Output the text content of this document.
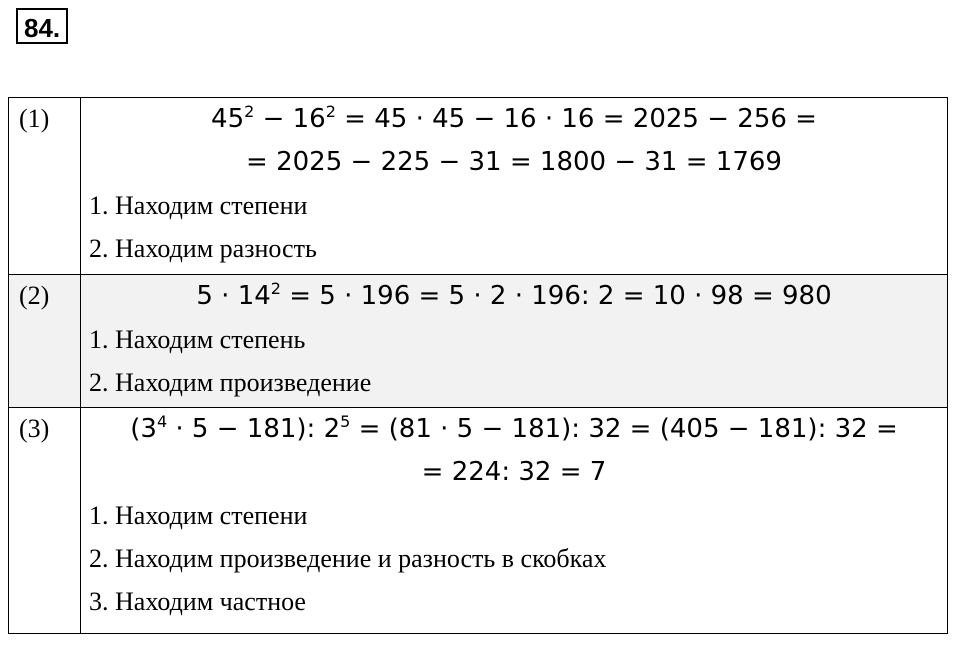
84.
(1)	$45^2 - 16^2 = 45 \cdot 45 - 16 \cdot 16 = 2025 - 256$ =
= 2025 − 225 − 31 = 1800 − 31 = 1769
1. Находим степени
2. Находим разность

(2)	$5 \cdot 14^2 = 5 \cdot 196 = 5 \cdot 2 \cdot 196$: 2 = 10 · 98 = 980
1. Находим степень
2. Находим произведение

(3)	$(3^4 \cdot 5 - 181)$: $2^5 = (81 \cdot 5 - 181)$: 32 = (405 − 181): 32 =
= 224: 32 = 7
1. Находим степени
2. Находим произведение и разность в скобках
3. Находим частное
